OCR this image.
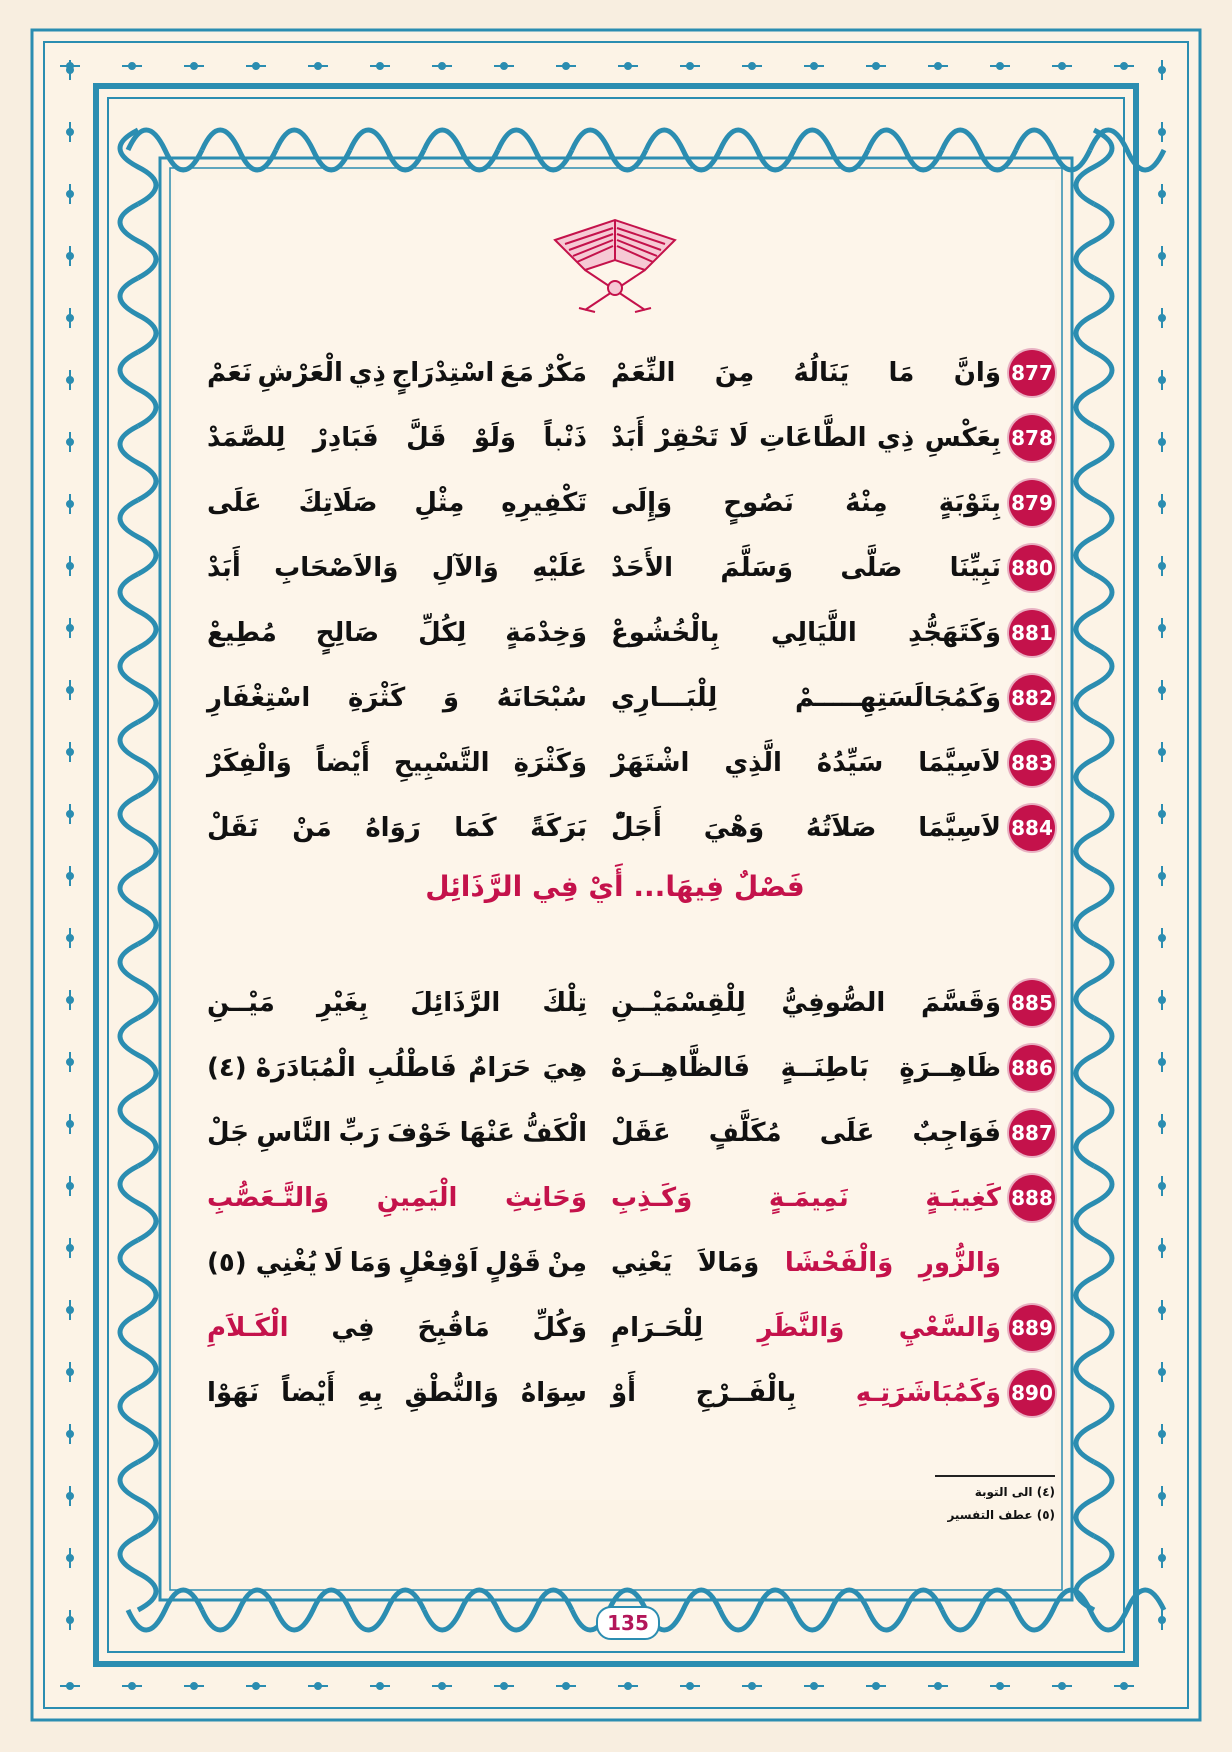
877
وَانَّ
مَا
يَنَالُهُ
مِنَ
النِّعَمْ
مَكْرٌ
مَعَ
اسْتِدْرَاجٍ
ذِي
الْعَرْشِ
نَعَمْ
878
بِعَكْسِ
ذِي
الطَّاعَاتِ
لَا
تَحْقِرْ
أَبَدْ
ذَنْباً
وَلَوْ
قَلَّ
فَبَادِرْ
لِلصَّمَدْ
879
بِتَوْبَةٍ
مِنْهُ
نَصُوحٍ
وَإِلَى
تَكْفِيرِهِ
مِثْلِ
صَلَاتِكَ
عَلَى
880
نَبِيِّنَا
صَلَّى
وَسَلَّمَ
الأَحَدْ
عَلَيْهِ
وَالآلِ
وَالاَصْحَابِ
أَبَدْ
881
وَكَتَهَجُّدِ
اللَّيَالِي
بِالْخُشُوعْ
وَخِدْمَةٍ
لِكُلِّ
صَالِحٍ
مُطِيعْ
882
وَكَمُجَالَسَتِهِـــــمْ
لِلْبَـــارِي
سُبْحَانَهُ
وَ
كَثْرَةِ
اسْتِغْفَارِ
883
لاَسِيَّمَا
سَيِّدُهُ
الَّذِي
اشْتَهَرْ
وَكَثْرَةِ
التَّسْبِيحِ
أَيْضاً
وَالْفِكَرْ
884
لاَسِيَّمَا
صَلاَتُهُ
وَهْيَ
أَجَلّْ
بَرَكَةً
كَمَا
رَوَاهُ
مَنْ
نَقَلْ
فَصْلٌ فِيهَا... أَيْ فِي الرَّذَائِل
885
وَقَسَّمَ
الصُّوفِيُّ
لِلْقِسْمَيْــنِ
تِلْكَ
الرَّذَائِلَ
بِغَيْرِ
مَيْــنِ
886
ظَاهِــرَةٍ
بَاطِنَــةٍ
فَالظَّاهِــرَهْ
هِيَ
حَرَامٌ
فَاطْلُبِ
الْمُبَادَرَهْ (٤)
887
فَوَاجِبٌ
عَلَى
مُكَلَّفٍ
عَقَلْ
الْكَفُّ
عَنْهَا
خَوْفَ
رَبِّ
النَّاسِ
جَلْ
888
كَغِيبَـةٍ
نَمِيمَـةٍ
وَكَـذِبِ
وَحَانِثِ
الْيَمِينِ
وَالتَّـعَصُّبِ
وَالزُّورِ
وَالْفَحْشَا
وَمَالاَ
يَعْنِي
مِنْ
قَوْلٍ
اَوْفِعْلٍ
وَمَا
لَا
يُغْنِي (٥)
889
وَالسَّعْيِ
وَالنَّظَرِ
لِلْحَـرَامِ
وَكُلِّ
مَاقُبِحَ
فِي
الْكَـلاَمِ
890
وَكَمُبَاشَرَتِـهِ
بِالْفَــرْجِ
أَوْ
سِوَاهُ
وَالنُّطْقِ
بِهِ
أَيْضاً
نَهَوْا
(٤) الى التوبة
(٥) عطف التفسير
135
